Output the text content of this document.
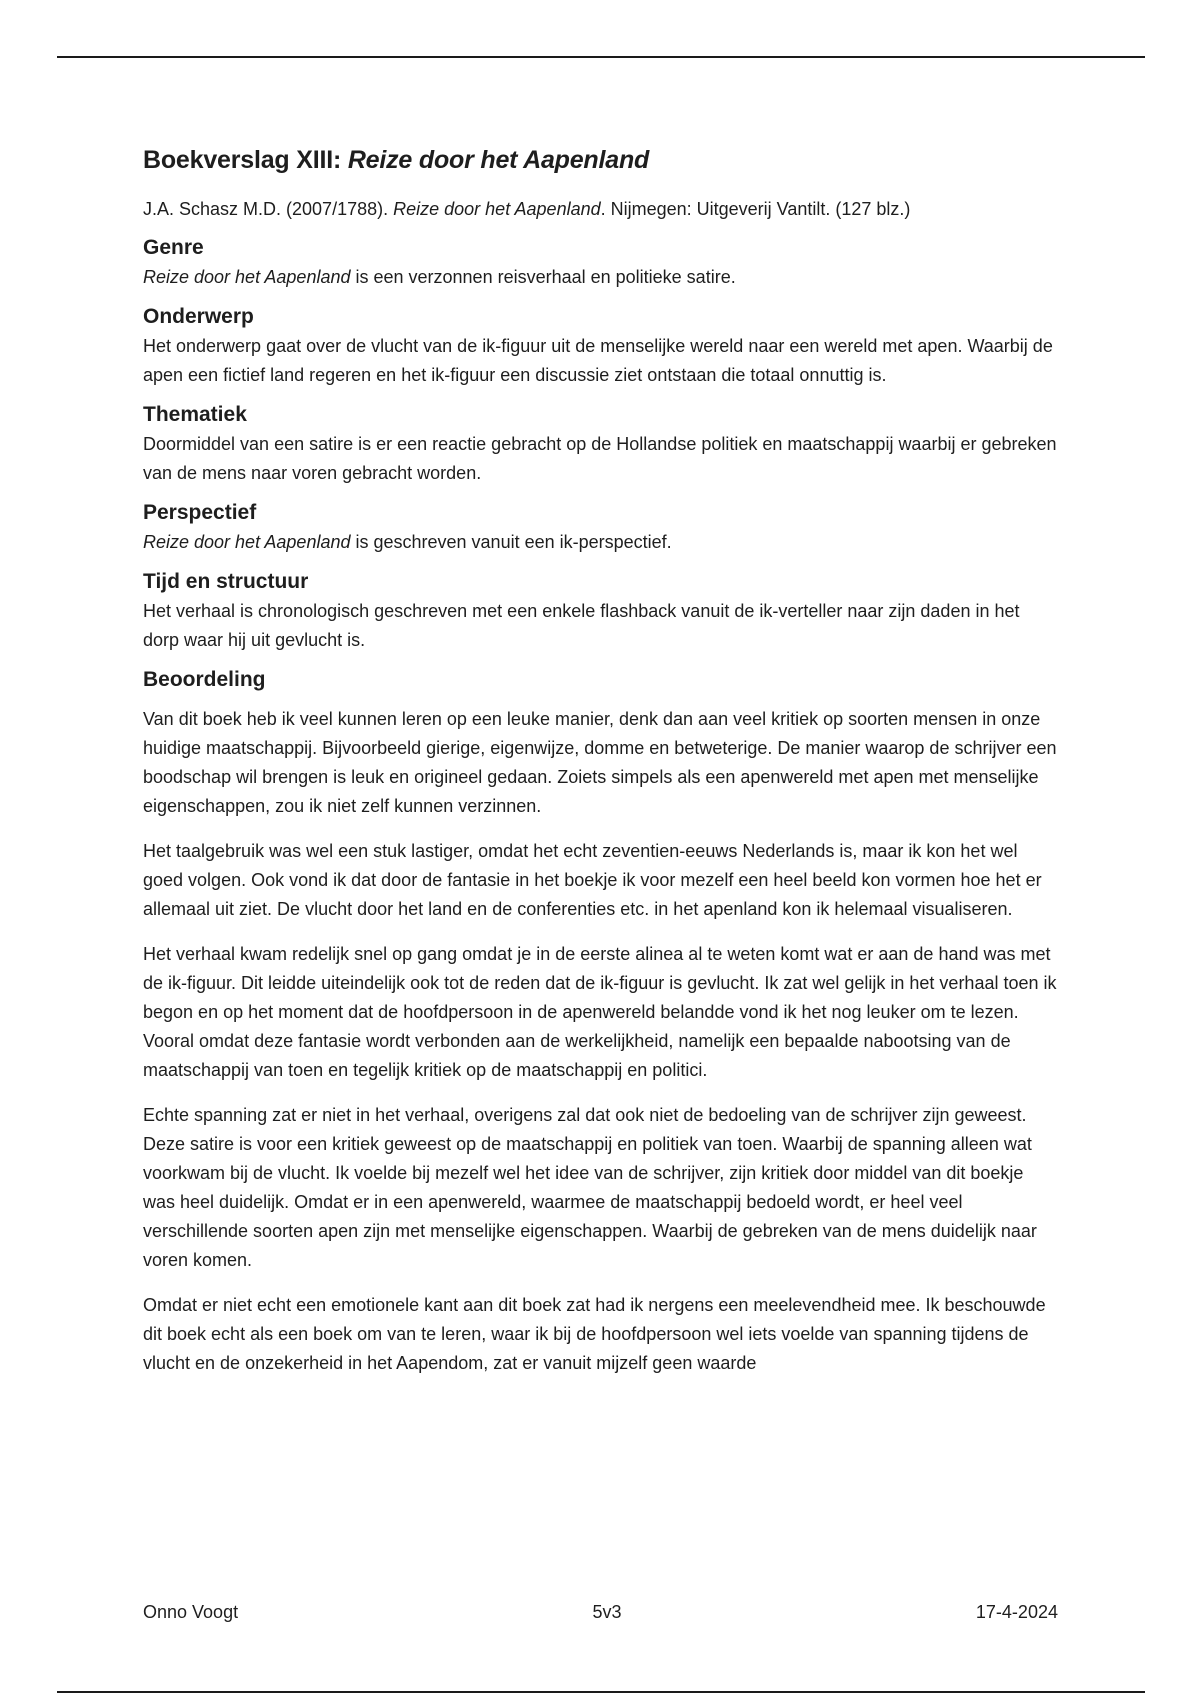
Boekverslag XIII: Reize door het Aapenland

J.A. Schasz M.D. (2007/1788). Reize door het Aapenland. Nijmegen: Uitgeverij Vantilt. (127 blz.)

Genre

Reize door het Aapenland is een verzonnen reisverhaal en politieke satire.

Onderwerp

Het onderwerp gaat over de vlucht van de ik-figuur uit de menselijke wereld naar een wereld met apen. Waarbij de apen een fictief land regeren en het ik-figuur een discussie ziet ontstaan die totaal onnuttig is.

Thematiek

Doormiddel van een satire is er een reactie gebracht op de Hollandse politiek en maatschappij waarbij er gebreken van de mens naar voren gebracht worden.

Perspectief

Reize door het Aapenland is geschreven vanuit een ik-perspectief.

Tijd en structuur

Het verhaal is chronologisch geschreven met een enkele flashback vanuit de ik-verteller naar zijn daden in het dorp waar hij uit gevlucht is.

Beoordeling

Van dit boek heb ik veel kunnen leren op een leuke manier, denk dan aan veel kritiek op soorten mensen in onze huidige maatschappij. Bijvoorbeeld gierige, eigenwijze, domme en betweterige. De manier waarop de schrijver een boodschap wil brengen is leuk en origineel gedaan. Zoiets simpels als een apenwereld met apen met menselijke eigenschappen, zou ik niet zelf kunnen verzinnen.

Het taalgebruik was wel een stuk lastiger, omdat het echt zeventien-eeuws Nederlands is, maar ik kon het wel goed volgen. Ook vond ik dat door de fantasie in het boekje ik voor mezelf een heel beeld kon vormen hoe het er allemaal uit ziet. De vlucht door het land en de conferenties etc. in het apenland kon ik helemaal visualiseren.

Het verhaal kwam redelijk snel op gang omdat je in de eerste alinea al te weten komt wat er aan de hand was met de ik-figuur. Dit leidde uiteindelijk ook tot de reden dat de ik-figuur is gevlucht. Ik zat wel gelijk in het verhaal toen ik begon en op het moment dat de hoofdpersoon in de apenwereld belandde vond ik het nog leuker om te lezen. Vooral omdat deze fantasie wordt verbonden aan de werkelijkheid, namelijk een bepaalde nabootsing van de maatschappij van toen en tegelijk kritiek op de maatschappij en politici.

Echte spanning zat er niet in het verhaal, overigens zal dat ook niet de bedoeling van de schrijver zijn geweest. Deze satire is voor een kritiek geweest op de maatschappij en politiek van toen. Waarbij de spanning alleen wat voorkwam bij de vlucht. Ik voelde bij mezelf wel het idee van de schrijver, zijn kritiek door middel van dit boekje was heel duidelijk. Omdat er in een apenwereld, waarmee de maatschappij bedoeld wordt, er heel veel verschillende soorten apen zijn met menselijke eigenschappen. Waarbij de gebreken van de mens duidelijk naar voren komen.

Omdat er niet echt een emotionele kant aan dit boek zat had ik nergens een meelevendheid mee. Ik beschouwde dit boek echt als een boek om van te leren, waar ik bij de hoofdpersoon wel iets voelde van spanning tijdens de vlucht en de onzekerheid in het Aapendom, zat er vanuit mijzelf geen waarde

Onno Voogt	5v3	17-4-2024
